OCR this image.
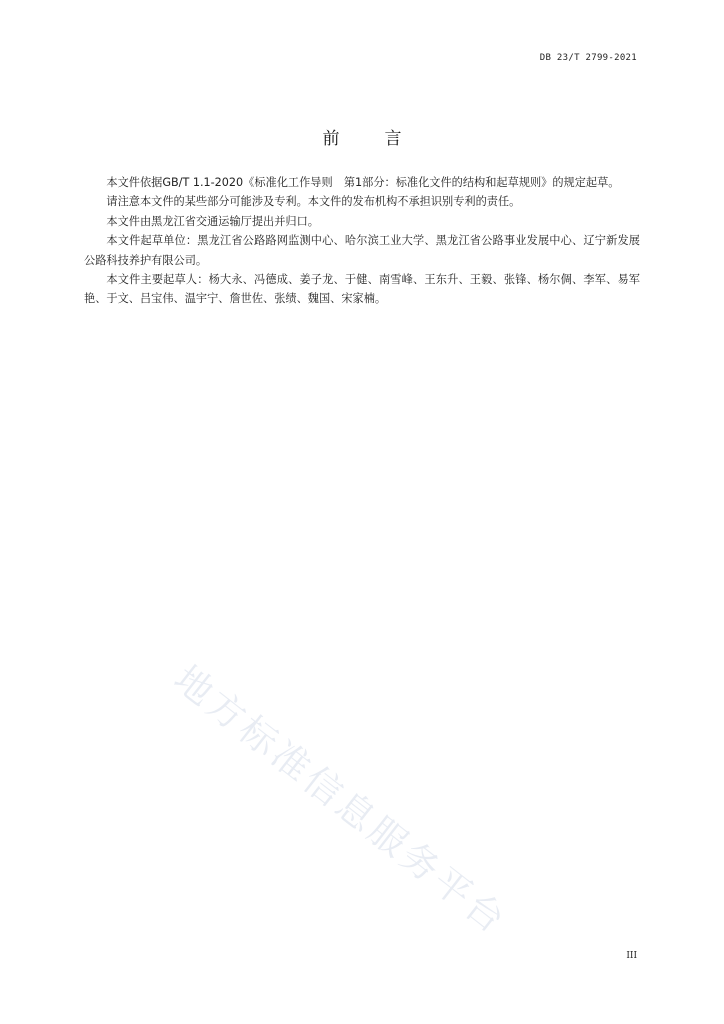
DB 23/T 2799-2021
前言

本文件依据GB/T 1.1-2020《标准化工作导则　第1部分：标准化文件的结构和起草规则》的规定起草。

请注意本文件的某些部分可能涉及专利。本文件的发布机构不承担识别专利的责任。

本文件由黑龙江省交通运输厅提出并归口。

本文件起草单位：黑龙江省公路路网监测中心、哈尔滨工业大学、黑龙江省公路事业发展中心、辽宁新发展公路科技养护有限公司。

本文件主要起草人：杨大永、冯德成、姜子龙、于健、南雪峰、王东升、王毅、张锋、杨尔倜、李军、易军艳、于文、吕宝伟、温宇宁、詹世佐、张绩、魏国、宋家楠。

地方标准信息服务平台
III
